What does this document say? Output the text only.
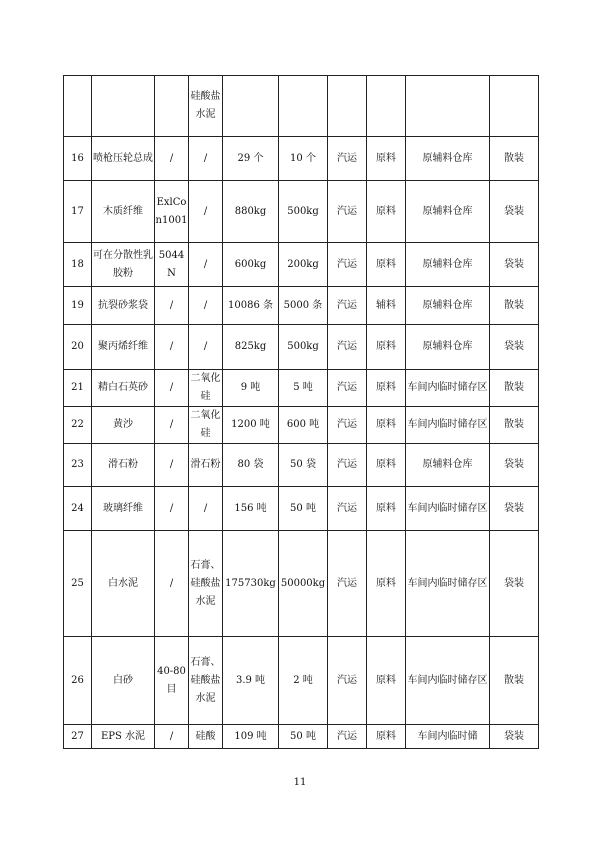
			硅酸盐水泥						
16	喷枪压轮总成	/	/	29 个	10 个	汽运	原料	原辅料仓库	散装
17	木质纤维	ExlCon1001	/	880kg	500kg	汽运	原料	原辅料仓库	袋装
18	可在分散性乳胶粉	5044N	/	600kg	200kg	汽运	原料	原辅料仓库	袋装
19	抗裂砂浆袋	/	/	10086 条	5000 条	汽运	辅料	原辅料仓库	散装
20	聚丙烯纤维	/	/	825kg	500kg	汽运	原料	原辅料仓库	袋装
21	精白石英砂	/	二氧化硅	9 吨	5 吨	汽运	原料	车间内临时储存区	散装
22	黄沙	/	二氧化硅	1200 吨	600 吨	汽运	原料	车间内临时储存区	散装
23	滑石粉	/	滑石粉	80 袋	50 袋	汽运	原料	原辅料仓库	袋装
24	玻璃纤维	/	/	156 吨	50 吨	汽运	原料	车间内临时储存区	袋装
25	白水泥	/	石膏、硅酸盐水泥	175730kg	50000kg	汽运	原料	车间内临时储存区	袋装
26	白砂	40-80 目	石膏、硅酸盐水泥	3.9 吨	2 吨	汽运	原料	车间内临时储存区	散装
27	EPS 水泥	/	硅酸	109 吨	50 吨	汽运	原料	车间内临时储	袋装
11
